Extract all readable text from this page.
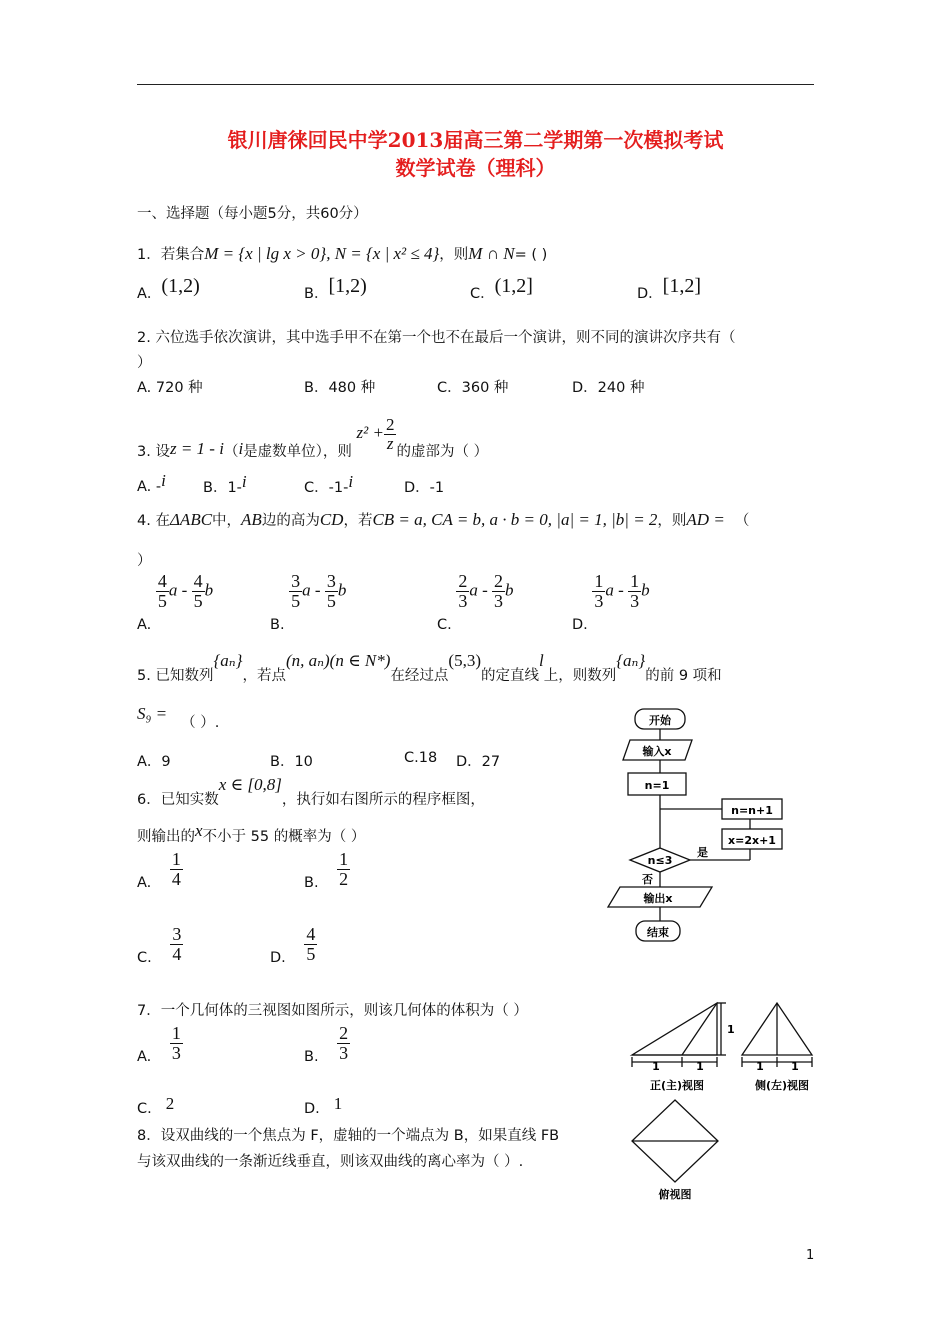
银川唐徕回民中学2013届高三第二学期第一次模拟考试
数学试卷（理科）
一、选择题（每小题5分，共60分）
1．若集合M = {x | lg x > 0}, N = {x | x² ≤ 4}，则M ∩ N= ( )
A．(1,2)	B．[1,2)	C．(1,2]	D．[1,2]
2. 六位选手依次演讲，其中选手甲不在第一个也不在最后一个演讲，则不同的演讲次序共有（
）
A. 720 种	B．480 种	C．360 种	D．240 种
3. 设z = 1 - i（i是虚数单位），则 $z^2 + \frac{2}{z}$ 的虚部为（ ）
A. -i	B．1-i	C．-1-i	D．-1
4. 在ΔABC中，AB边的高为CD，若CB = a, CA = b, a · b = 0, |a| = 1, |b| = 2，则AD = （
）
A.
$\frac{4}{5}$ a - $\frac{4}{5}$ b
B.
$\frac{3}{5}$ a - $\frac{3}{5}$ b
C.
$\frac{2}{3}$ a - $\frac{2}{3}$ b
D.
$\frac{1}{3}$ a - $\frac{1}{3}$ b
5. 已知数列{aₙ}，若点(n, aₙ)(n ∈ N*)在经过点(5,3)的定直线l上，则数列{aₙ}的前 9 项和
S₉ = （ ）.
A．9	B．10	C.18 D．27
6．已知实数x ∈ [0,8]，执行如右图所示的程序框图，
则输出的x不小于 55 的概率为（ ）
A. $\frac{1}{4}$	B. $\frac{1}{2}$
C. $\frac{3}{4}$	D. $\frac{4}{5}$
7．一个几何体的三视图如图所示，则该几何体的体积为（ ）
A. $\frac{1}{3}$	B. $\frac{2}{3}$
C. 2	D. 1
8．设双曲线的一个焦点为 F，虚轴的一个端点为 B，如果直线 FB
与该双曲线的一条渐近线垂直，则该双曲线的离心率为（ ）.
开始
输入x
n=1
n=n+1
x=2x+1
n≤3
是
否
输出x
结束
1	1
1
1 1
正(主)视图	侧(左)视图
俯视图
1
